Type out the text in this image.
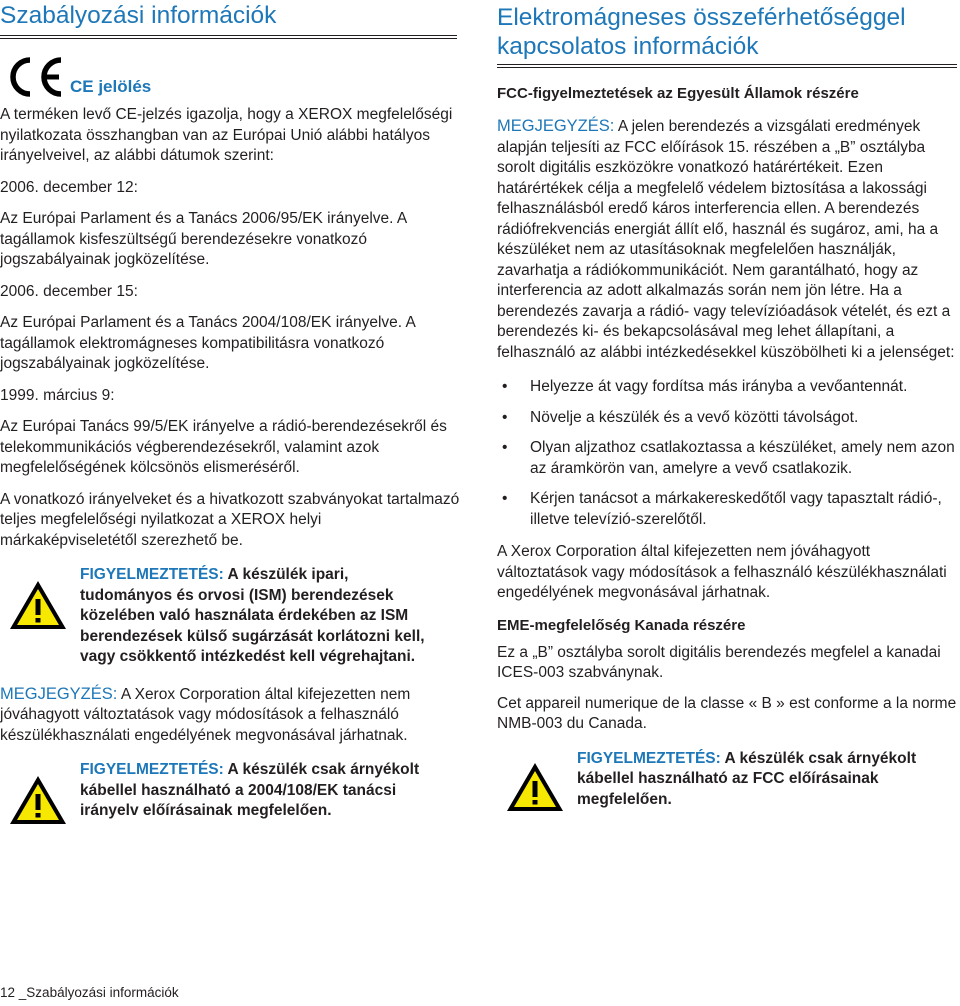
Szabályozási információk
CE jelölés
A terméken levő CE-jelzés igazolja, hogy a XEROX megfelelőségi nyilatkozata összhangban van az Európai Unió alábbi hatályos irányelveivel, az alábbi dátumok szerint:
2006. december 12:
Az Európai Parlament és a Tanács 2006/95/EK irányelve. A tagállamok kisfeszültségű berendezésekre vonatkozó jogszabályainak jogközelítése.
2006. december 15:
Az Európai Parlament és a Tanács 2004/108/EK irányelve. A tagállamok elektromágneses kompatibilitásra vonatkozó jogszabályainak jogközelítése.
1999. március 9:
Az Európai Tanács 99/5/EK irányelve a rádió-berendezésekről és telekommunikációs végberendezésekről, valamint azok megfelelőségének kölcsönös elismeréséről.
A vonatkozó irányelveket és a hivatkozott szabványokat tartalmazó teljes megfelelőségi nyilatkozat a XEROX helyi márkaképviseletétől szerezhető be.
FIGYELMEZTETÉS: A készülék ipari, tudományos és orvosi (ISM) berendezések közelében való használata érdekében az ISM berendezések külső sugárzását korlátozni kell, vagy csökkentő intézkedést kell végrehajtani.
MEGJEGYZÉS: A Xerox Corporation által kifejezetten nem jóváhagyott változtatások vagy módosítások a felhasználó készülékhasználati engedélyének megvonásával járhatnak.
FIGYELMEZTETÉS: A készülék csak árnyékolt kábellel használható a 2004/108/EK tanácsi irányelv előírásainak megfelelően.
Elektromágneses összeférhetőséggel kapcsolatos információk
FCC-figyelmeztetések az Egyesült Államok részére
MEGJEGYZÉS: A jelen berendezés a vizsgálati eredmények alapján teljesíti az FCC előírások 15. részében a „B” osztályba sorolt digitális eszközökre vonatkozó határértékeit. Ezen határértékek célja a megfelelő védelem biztosítása a lakossági felhasználásból eredő káros interferencia ellen. A berendezés rádiófrekvenciás energiát állít elő, használ és sugároz, ami, ha a készüléket nem az utasításoknak megfelelően használják, zavarhatja a rádiókommunikációt. Nem garantálható, hogy az interferencia az adott alkalmazás során nem jön létre. Ha a berendezés zavarja a rádió- vagy televízióadások vételét, és ezt a berendezés ki- és bekapcsolásával meg lehet állapítani, a felhasználó az alábbi intézkedésekkel küszöbölheti ki a jelenséget:
• Helyezze át vagy fordítsa más irányba a vevőantennát.
• Növelje a készülék és a vevő közötti távolságot.
• Olyan aljzathoz csatlakoztassa a készüléket, amely nem azon az áramkörön van, amelyre a vevő csatlakozik.
• Kérjen tanácsot a márkakereskedőtől vagy tapasztalt rádió-, illetve televízió-szerelőtől.
A Xerox Corporation által kifejezetten nem jóváhagyott változtatások vagy módosítások a felhasználó készülékhasználati engedélyének megvonásával járhatnak.
EME-megfelelőség Kanada részére
Ez a „B” osztályba sorolt digitális berendezés megfelel a kanadai ICES-003 szabványnak.
Cet appareil numerique de la classe « B » est conforme a la norme NMB-003 du Canada.
FIGYELMEZTETÉS: A készülék csak árnyékolt kábellel használható az FCC előírásainak megfelelően.
12 _Szabályozási információk
